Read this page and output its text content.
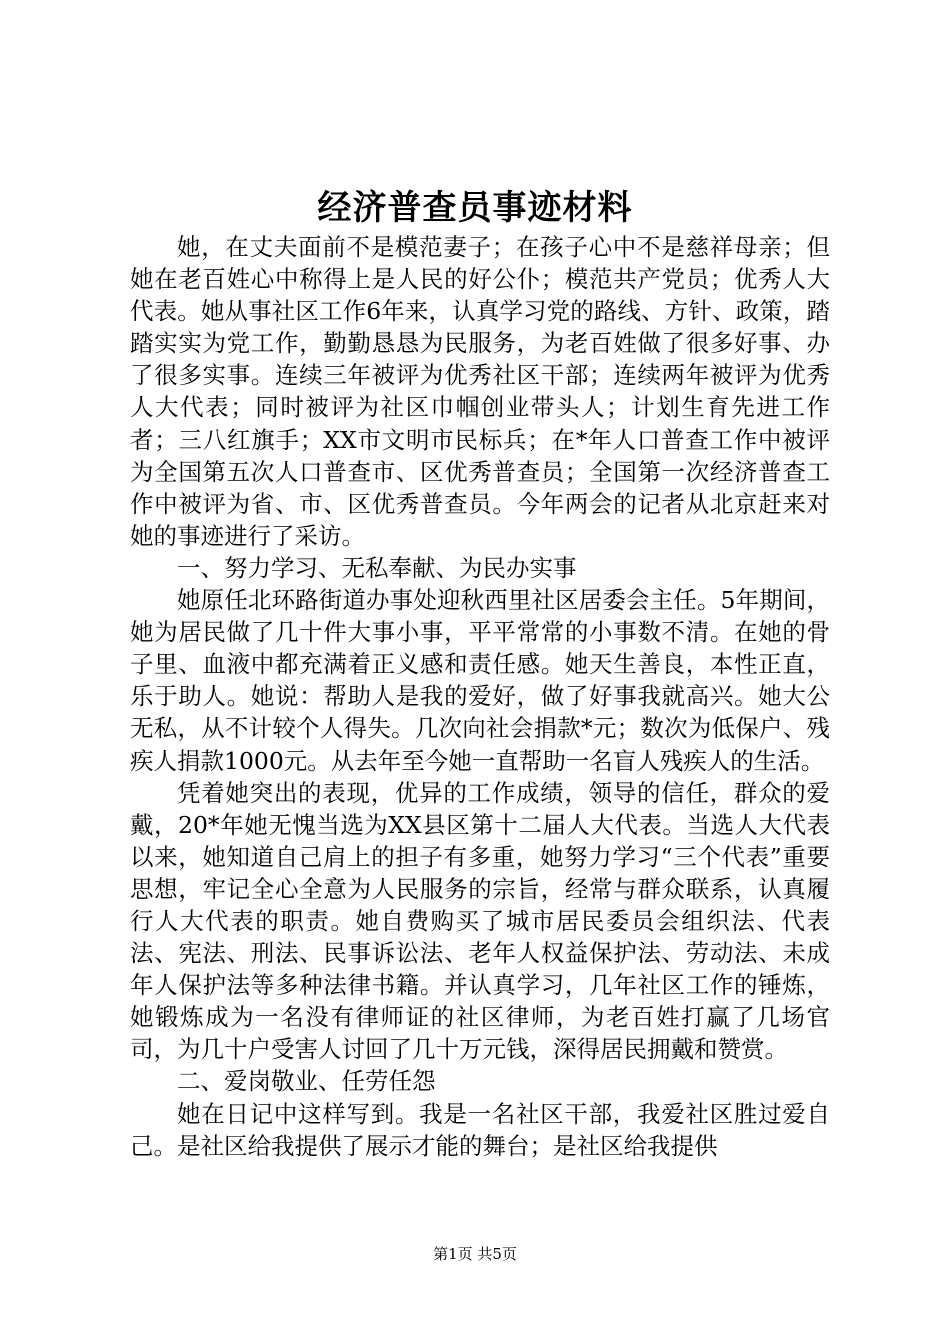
经济普查员事迹材料

她，在丈夫面前不是模范妻子；在孩子心中不是慈祥母亲；但她在老百姓心中称得上是人民的好公仆；模范共产党员；优秀人大代表。她从事社区工作6年来，认真学习党的路线、方针、政策，踏踏实实为党工作，勤勤恳恳为民服务，为老百姓做了很多好事、办了很多实事。连续三年被评为优秀社区干部；连续两年被评为优秀人大代表；同时被评为社区巾帼创业带头人；计划生育先进工作者；三八红旗手；XX市文明市民标兵；在*年人口普查工作中被评为全国第五次人口普查市、区优秀普查员；全国第一次经济普查工作中被评为省、市、区优秀普查员。今年两会的记者从北京赶来对她的事迹进行了采访。

一、努力学习、无私奉献、为民办实事

她原任北环路街道办事处迎秋西里社区居委会主任。5年期间，她为居民做了几十件大事小事，平平常常的小事数不清。在她的骨子里、血液中都充满着正义感和责任感。她天生善良，本性正直，乐于助人。她说：帮助人是我的爱好，做了好事我就高兴。她大公无私，从不计较个人得失。几次向社会捐款*元；数次为低保户、残疾人捐款1000元。从去年至今她一直帮助一名盲人残疾人的生活。

凭着她突出的表现，优异的工作成绩，领导的信任，群众的爱戴，20*年她无愧当选为XX县区第十二届人大代表。当选人大代表以来，她知道自己肩上的担子有多重，她努力学习“三个代表”重要思想，牢记全心全意为人民服务的宗旨，经常与群众联系，认真履行人大代表的职责。她自费购买了城市居民委员会组织法、代表法、宪法、刑法、民事诉讼法、老年人权益保护法、劳动法、未成年人保护法等多种法律书籍。并认真学习，几年社区工作的锤炼，她锻炼成为一名没有律师证的社区律师，为老百姓打赢了几场官司，为几十户受害人讨回了几十万元钱，深得居民拥戴和赞赏。

二、爱岗敬业、任劳任怨

她在日记中这样写到。我是一名社区干部，我爱社区胜过爱自己。是社区给我提供了展示才能的舞台；是社区给我提供

第1页 共5页
